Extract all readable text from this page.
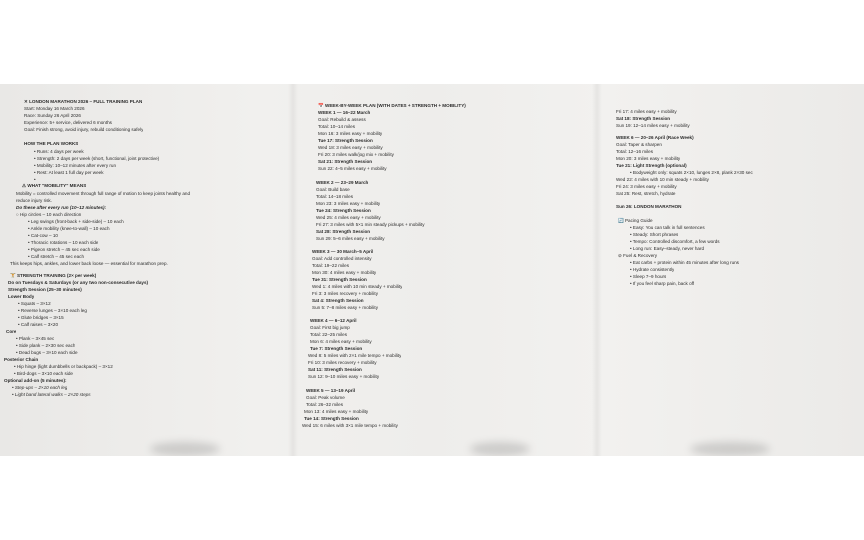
✕ LONDON MARATHON 2026 – FULL TRAINING PLAN
Start: Monday 16 March 2026
Race: Sunday 26 April 2026
Experience: 5+ service, delivered 6 months
Goal: Finish strong, avoid injury, rebuild conditioning safely
HOW THE PLAN WORKS
• Runs: 4 days per week
• Strength: 2 days per week (short, functional, joint protective)
• Mobility: 10–12 minutes after every run
• Rest: At least 1 full day per week
•
⚠ WHAT "MOBILITY" MEANS
Mobility = controlled movement through full range of motion to keep joints healthy and
reduce injury risk.
Do these after every run (10–12 minutes):
○ Hip circles – 10 each direction
• Leg swings (front-back + side-side) – 10 each
• Ankle mobility (knee-to-wall) – 10 each
• Cat-cow – 10
• Thoracic rotations – 10 each side
• Pigeon stretch – 45 sec each side
• Calf stretch – 45 sec each
This keeps hips, ankles, and lower back loose — essential for marathon prep.
🏋 STRENGTH TRAINING (2× per week)
Do on Tuesdays & Saturdays (or any two non-consecutive days)
Strength Session (25–30 minutes)
Lower Body
• Squats – 3×12
• Reverse lunges – 3×10 each leg
• Glute bridges – 3×15
• Calf raises – 3×20
Core
• Plank – 3×45 sec
• Side plank – 2×30 sec each
• Dead bugs – 3×10 each side
Posterior Chain
• Hip hinge (light dumbbells or backpack) – 3×12
• Bird-dogs – 3×10 each side
Optional add-on (5 minutes):
• Step-ups – 2×10 each leg
• Light band lateral walks – 2×20 steps
📅 WEEK-BY-WEEK PLAN (WITH DATES + STRENGTH + MOBILITY)
WEEK 1 — 16–22 March
Goal: Rebuild & assess
Total: 10–14 miles
Mon 16: 3 miles easy + mobility
Tue 17: Strength Session
Wed 18: 3 miles easy + mobility
Fri 20: 3 miles walk/jog mix + mobility
Sat 21: Strength Session
Sun 22: 4–5 miles easy + mobility
WEEK 2 — 23–29 March
Goal: Build base
Total: 14–18 miles
Mon 23: 3 miles easy + mobility
Tue 24: Strength Session
Wed 25: 4 miles easy + mobility
Fri 27: 3 miles with 5×1 min steady pickups + mobility
Sat 28: Strength Session
Sun 29: 5–6 miles easy + mobility
WEEK 3 — 30 March–5 April
Goal: Add controlled intensity
Total: 19–22 miles
Mon 30: 4 miles easy + mobility
Tue 31: Strength Session
Wed 1: 4 miles with 10 min steady + mobility
Fri 3: 3 miles recovery + mobility
Sat 4: Strength Session
Sun 5: 7–8 miles easy + mobility
WEEK 4 — 6–12 April
Goal: First big jump
Total: 22–25 miles
Mon 6: 4 miles easy + mobility
Tue 7: Strength Session
Wed 8: 5 miles with 2×1 mile tempo + mobility
Fri 10: 3 miles recovery + mobility
Sat 11: Strength Session
Sun 12: 9–10 miles easy + mobility
WEEK 5 — 13–19 April
Goal: Peak volume
Total: 26–32 miles
Mon 13: 4 miles easy + mobility
Tue 14: Strength Session
Wed 15: 6 miles with 3×1 mile tempo + mobility
Fri 17: 4 miles easy + mobility
Sat 18: Strength Session
Sun 19: 12–14 miles easy + mobility
WEEK 6 — 20–26 April (Race Week)
Goal: Taper & sharpen
Total: 12–16 miles
Mon 20: 3 miles easy + mobility
Tue 21: Light Strength (optional)
• Bodyweight only: squats 2×10, lunges 2×8, plank 2×30 sec
Wed 22: 4 miles with 10 min steady + mobility
Fri 24: 3 miles easy + mobility
Sat 25: Rest, stretch, hydrate
Sun 26: LONDON MARATHON
🔄 Pacing Guide
• Easy: You can talk in full sentences
• Steady: Short phrases
• Tempo: Controlled discomfort, a few words
• Long run: Easy–steady, never hard
⊘ Fuel & Recovery
• Eat carbs + protein within 45 minutes after long runs
• Hydrate consistently
• Sleep 7–9 hours
• If you feel sharp pain, back off
